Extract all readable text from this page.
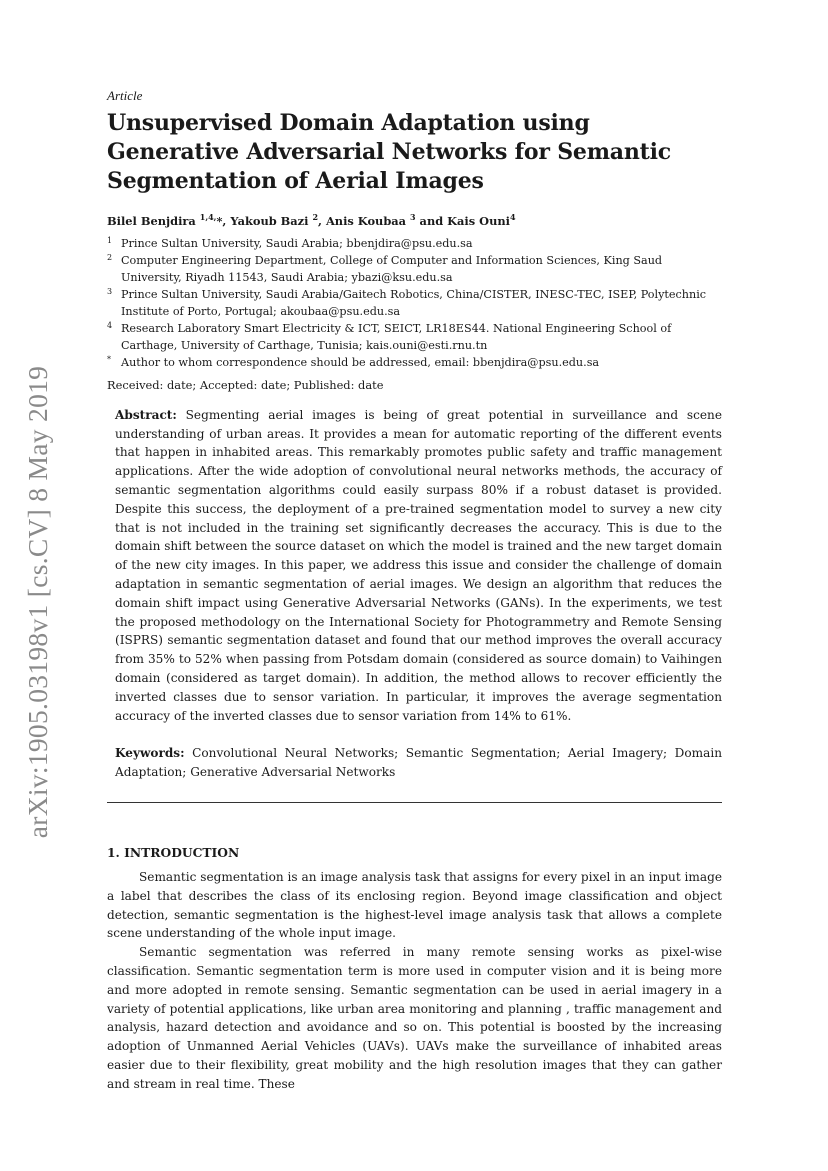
arXiv:1905.03198v1 [cs.CV] 8 May 2019
Article
Unsupervised Domain Adaptation using Generative Adversarial Networks for Semantic Segmentation of Aerial Images
Bilel Benjdira $^{1,4,}$*, Yakoub Bazi $^2$, Anis Koubaa $^3$ and Kais Ouni$^4$
1 Prince Sultan University, Saudi Arabia; bbenjdira@psu.edu.sa
2 Computer Engineering Department, College of Computer and Information Sciences, King Saud University, Riyadh 11543, Saudi Arabia; ybazi@ksu.edu.sa
3 Prince Sultan University, Saudi Arabia/Gaitech Robotics, China/CISTER, INESC-TEC, ISEP, Polytechnic Institute of Porto, Portugal; akoubaa@psu.edu.sa
4 Research Laboratory Smart Electricity & ICT, SEICT, LR18ES44. National Engineering School of Carthage, University of Carthage, Tunisia; kais.ouni@esti.rnu.tn
* Author to whom correspondence should be addressed, email: bbenjdira@psu.edu.sa
Received: date; Accepted: date; Published: date
Abstract: Segmenting aerial images is being of great potential in surveillance and scene understanding of urban areas. It provides a mean for automatic reporting of the different events that happen in inhabited areas. This remarkably promotes public safety and traffic management applications. After the wide adoption of convolutional neural networks methods, the accuracy of semantic segmentation algorithms could easily surpass 80% if a robust dataset is provided. Despite this success, the deployment of a pre-trained segmentation model to survey a new city that is not included in the training set significantly decreases the accuracy. This is due to the domain shift between the source dataset on which the model is trained and the new target domain of the new city images. In this paper, we address this issue and consider the challenge of domain adaptation in semantic segmentation of aerial images. We design an algorithm that reduces the domain shift impact using Generative Adversarial Networks (GANs). In the experiments, we test the proposed methodology on the International Society for Photogrammetry and Remote Sensing (ISPRS) semantic segmentation dataset and found that our method improves the overall accuracy from 35% to 52% when passing from Potsdam domain (considered as source domain) to Vaihingen domain (considered as target domain). In addition, the method allows to recover efficiently the inverted classes due to sensor variation. In particular, it improves the average segmentation accuracy of the inverted classes due to sensor variation from 14% to 61%.
Keywords: Convolutional Neural Networks; Semantic Segmentation; Aerial Imagery; Domain Adaptation; Generative Adversarial Networks
1. INTRODUCTION

Semantic segmentation is an image analysis task that assigns for every pixel in an input image a label that describes the class of its enclosing region. Beyond image classification and object detection, semantic segmentation is the highest-level image analysis task that allows a complete scene understanding of the whole input image.

Semantic segmentation was referred in many remote sensing works as pixel-wise classification. Semantic segmentation term is more used in computer vision and it is being more and more adopted in remote sensing. Semantic segmentation can be used in aerial imagery in a variety of potential applications, like urban area monitoring and planning , traffic management and analysis, hazard detection and avoidance and so on. This potential is boosted by the increasing adoption of Unmanned Aerial Vehicles (UAVs). UAVs make the surveillance of inhabited areas easier due to their flexibility, great mobility and the high resolution images that they can gather and stream in real time. These
